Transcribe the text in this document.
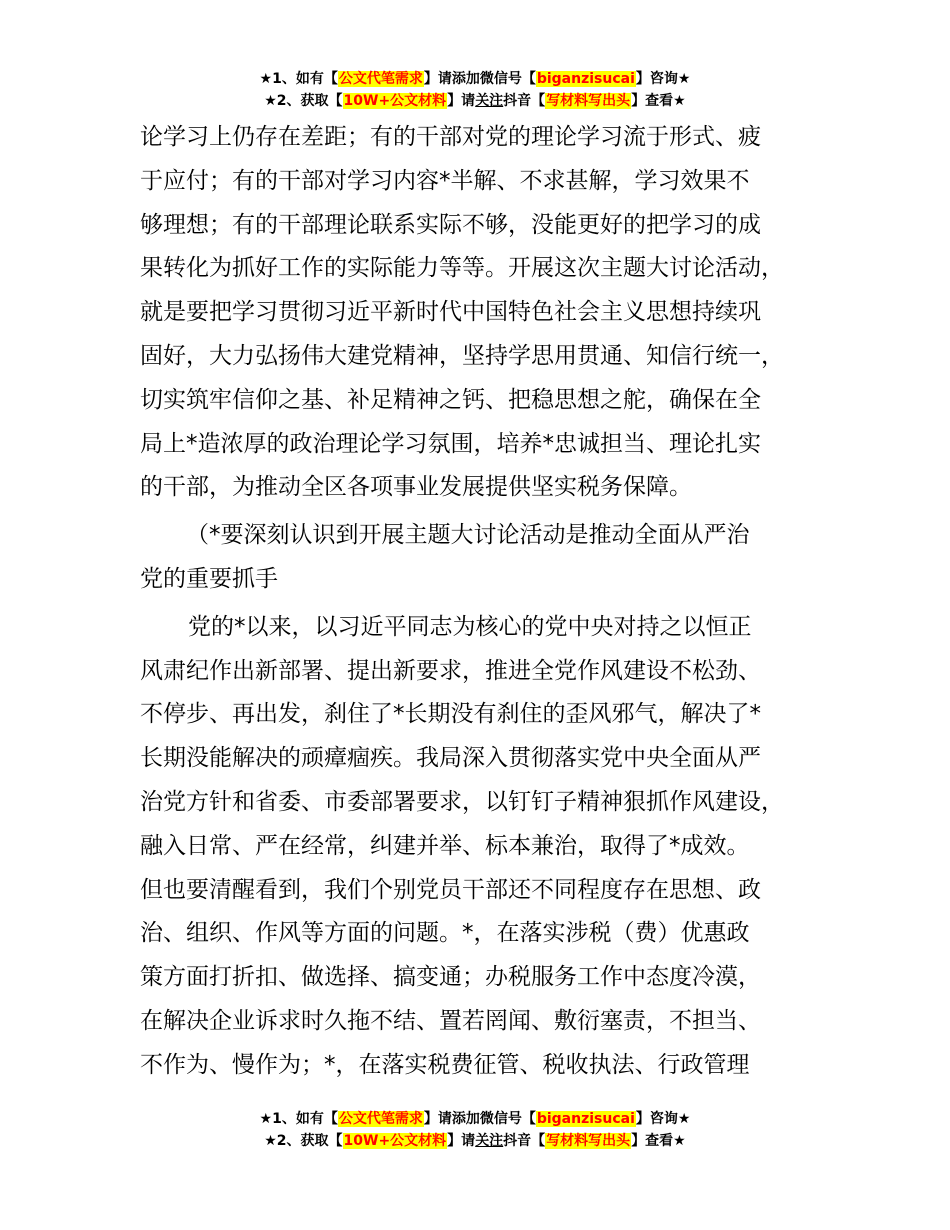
★1、如有【公文代笔需求】请添加微信号【biganzisucai】咨询★
★2、获取【10W+公文材料】请关注抖音【写材料写出头】查看★
论学习上仍存在差距；有的干部对党的理论学习流于形式、疲
于应付；有的干部对学习内容*半解、不求甚解，学习效果不
够理想；有的干部理论联系实际不够，没能更好的把学习的成
果转化为抓好工作的实际能力等等。开展这次主题大讨论活动，
就是要把学习贯彻习近平新时代中国特色社会主义思想持续巩
固好，大力弘扬伟大建党精神，坚持学思用贯通、知信行统一，
切实筑牢信仰之基、补足精神之钙、把稳思想之舵，确保在全
局上*造浓厚的政治理论学习氛围，培养*忠诚担当、理论扎实
的干部，为推动全区各项事业发展提供坚实税务保障。
（*要深刻认识到开展主题大讨论活动是推动全面从严治
党的重要抓手
党的*以来，以习近平同志为核心的党中央对持之以恒正
风肃纪作出新部署、提出新要求，推进全党作风建设不松劲、
不停步、再出发，刹住了*长期没有刹住的歪风邪气，解决了*
长期没能解决的顽瘴痼疾。我局深入贯彻落实党中央全面从严
治党方针和省委、市委部署要求，以钉钉子精神狠抓作风建设，
融入日常、严在经常，纠建并举、标本兼治，取得了*成效。
但也要清醒看到，我们个别党员干部还不同程度存在思想、政
治、组织、作风等方面的问题。*，在落实涉税（费）优惠政
策方面打折扣、做选择、搞变通；办税服务工作中态度冷漠，
在解决企业诉求时久拖不结、置若罔闻、敷衍塞责，不担当、
不作为、慢作为；*，在落实税费征管、税收执法、行政管理
★1、如有【公文代笔需求】请添加微信号【biganzisucai】咨询★
★2、获取【10W+公文材料】请关注抖音【写材料写出头】查看★
